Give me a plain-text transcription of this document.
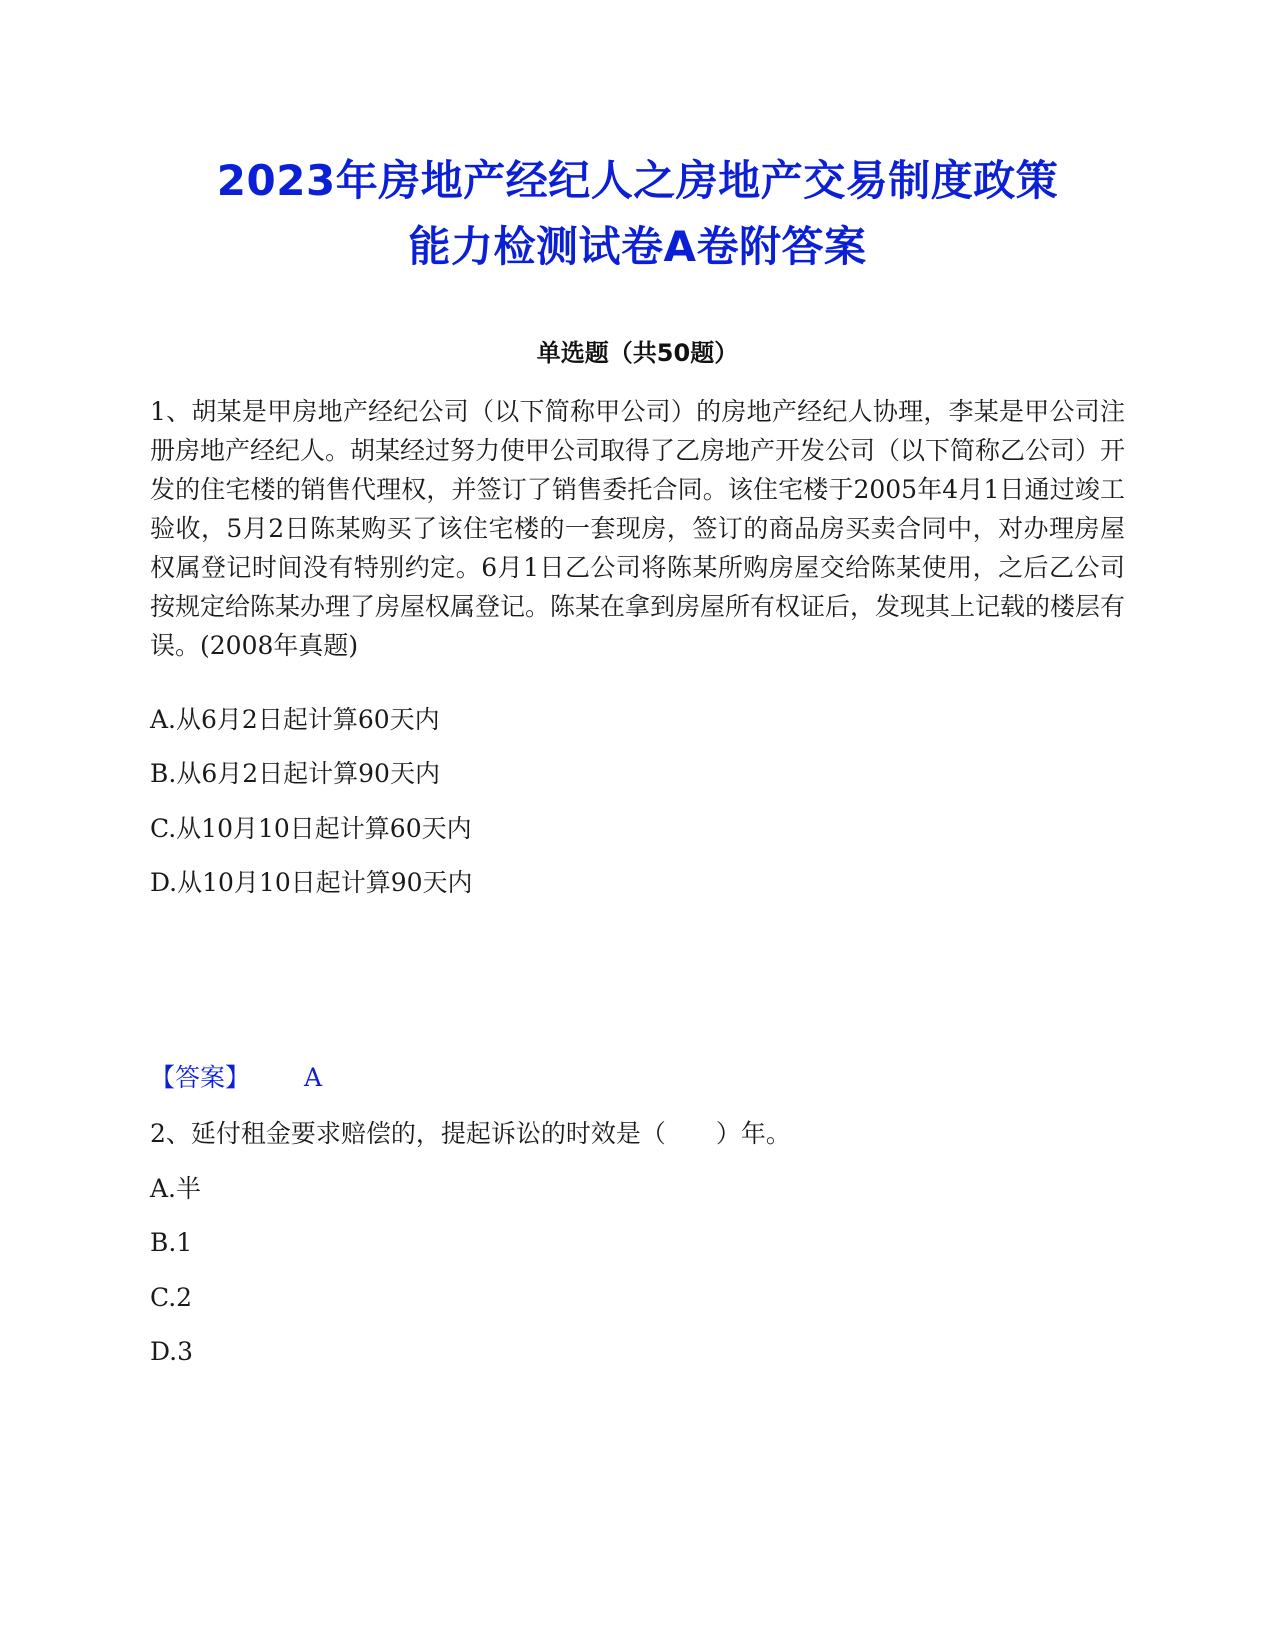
2023年房地产经纪人之房地产交易制度政策
能力检测试卷A卷附答案
单选题（共50题）
1、胡某是甲房地产经纪公司（以下简称甲公司）的房地产经纪人协理，李某是甲公司注册房地产经纪人。胡某经过努力使甲公司取得了乙房地产开发公司（以下简称乙公司）开发的住宅楼的销售代理权，并签订了销售委托合同。该住宅楼于2005年4月1日通过竣工验收，5月2日陈某购买了该住宅楼的一套现房，签订的商品房买卖合同中，对办理房屋权属登记时间没有特别约定。6月1日乙公司将陈某所购房屋交给陈某使用，之后乙公司按规定给陈某办理了房屋权属登记。陈某在拿到房屋所有权证后，发现其上记载的楼层有误。(2008年真题)
A.从6月2日起计算60天内
B.从6月2日起计算90天内
C.从10月10日起计算60天内
D.从10月10日起计算90天内
【答案】 A
2、延付租金要求赔偿的，提起诉讼的时效是（　　）年。
A.半
B.1
C.2
D.3
